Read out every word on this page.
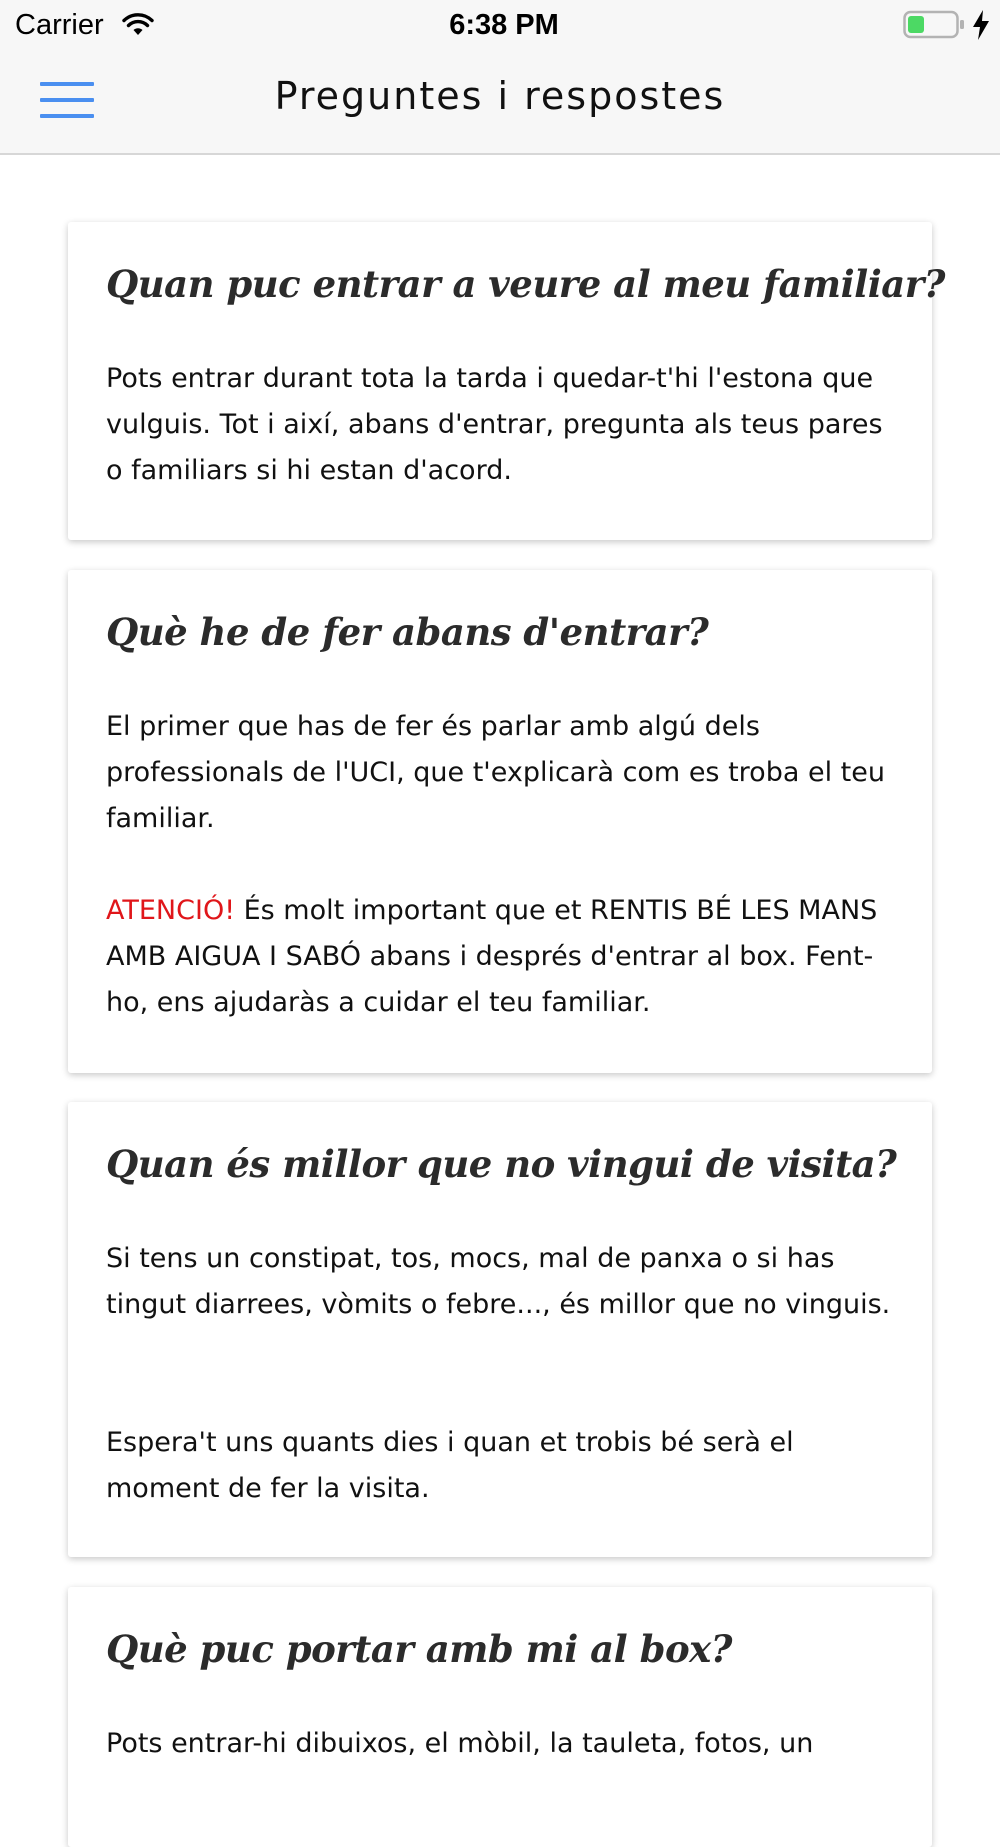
Carrier	6:38 PM
Preguntes i respostes
Quan puc entrar a veure al meu familiar?
Pots entrar durant tota la tarda i quedar-t'hi l'estona que vulguis. Tot i així, abans d'entrar, pregunta als teus pares o familiars si hi estan d'acord.
Què he de fer abans d'entrar?
El primer que has de fer és parlar amb algú dels professionals de l'UCI, que t'explicarà com es troba el teu familiar.
ATENCIÓ! És molt important que et RENTIS BÉ LES MANS AMB AIGUA I SABÓ abans i després d'entrar al box. Fent-ho, ens ajudaràs a cuidar el teu familiar.
Quan és millor que no vingui de visita?
Si tens un constipat, tos, mocs, mal de panxa o si has tingut diarrees, vòmits o febre..., és millor que no vinguis.
Espera't uns quants dies i quan et trobis bé serà el moment de fer la visita.
Què puc portar amb mi al box?
Pots entrar-hi dibuixos, el mòbil, la tauleta, fotos, un
